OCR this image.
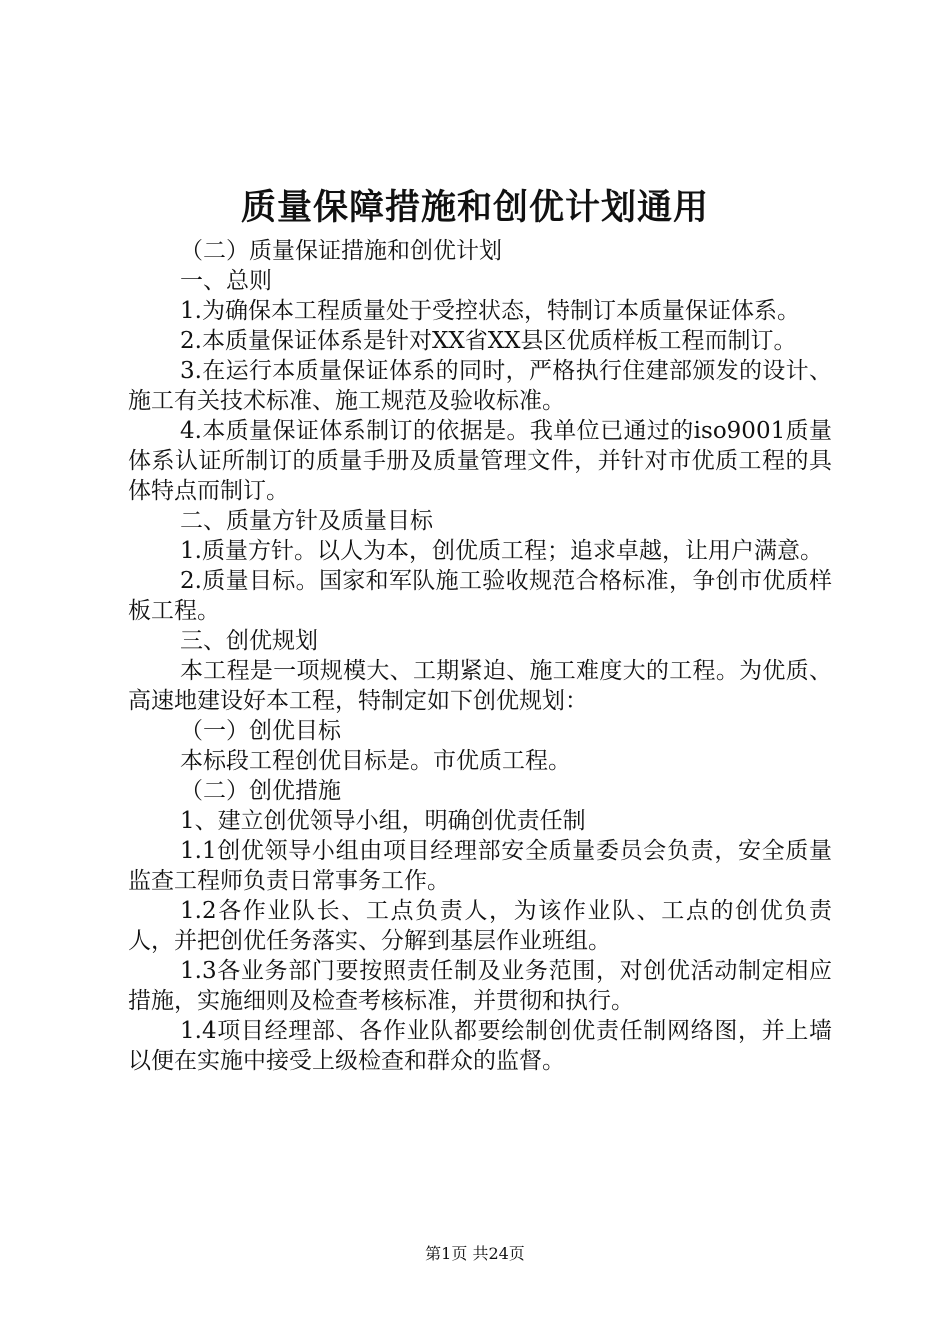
质量保障措施和创优计划通用

（二）质量保证措施和创优计划

一、总则

1.为确保本工程质量处于受控状态，特制订本质量保证体系。

2.本质量保证体系是针对XX省XX县区优质样板工程而制订。

3.在运行本质量保证体系的同时，严格执行住建部颁发的设计、施工有关技术标准、施工规范及验收标准。

4.本质量保证体系制订的依据是。我单位已通过的iso9001质量体系认证所制订的质量手册及质量管理文件，并针对市优质工程的具体特点而制订。

二、质量方针及质量目标

1.质量方针。以人为本，创优质工程；追求卓越，让用户满意。

2.质量目标。国家和军队施工验收规范合格标准，争创市优质样板工程。

三、创优规划

本工程是一项规模大、工期紧迫、施工难度大的工程。为优质、高速地建设好本工程，特制定如下创优规划：

（一）创优目标

本标段工程创优目标是。市优质工程。

（二）创优措施

1、建立创优领导小组，明确创优责任制

1.1创优领导小组由项目经理部安全质量委员会负责，安全质量监查工程师负责日常事务工作。

1.2各作业队长、工点负责人，为该作业队、工点的创优负责人，并把创优任务落实、分解到基层作业班组。

1.3各业务部门要按照责任制及业务范围，对创优活动制定相应措施，实施细则及检查考核标准，并贯彻和执行。

1.4项目经理部、各作业队都要绘制创优责任制网络图，并上墙以便在实施中接受上级检查和群众的监督。

第1页 共24页
